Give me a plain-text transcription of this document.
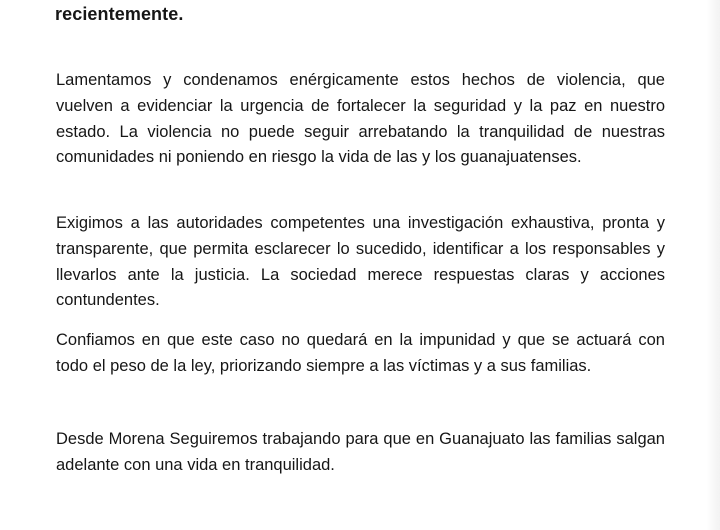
recientemente.

Lamentamos y condenamos enérgicamente estos hechos de violencia, que vuelven a evidenciar la urgencia de fortalecer la seguridad y la paz en nuestro estado. La violencia no puede seguir arrebatando la tranquilidad de nuestras comunidades ni poniendo en riesgo la vida de las y los guanajuatenses.

Exigimos a las autoridades competentes una investigación exhaustiva, pronta y transparente, que permita esclarecer lo sucedido, identificar a los responsables y llevarlos ante la justicia. La sociedad merece respuestas claras y acciones contundentes.

Confiamos en que este caso no quedará en la impunidad y que se actuará con todo el peso de la ley, priorizando siempre a las víctimas y a sus familias.

Desde Morena Seguiremos trabajando para que en Guanajuato las familias salgan adelante con una vida en tranquilidad.
